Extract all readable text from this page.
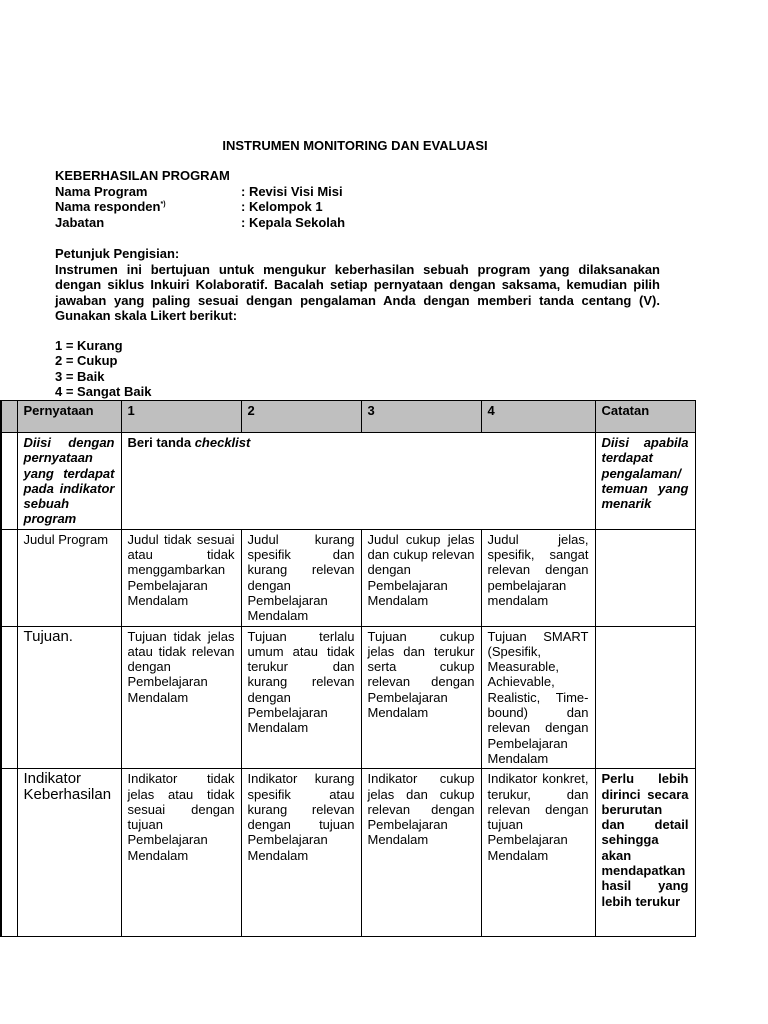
INSTRUMEN MONITORING DAN EVALUASI
KEBERHASILAN PROGRAM
Nama Program	: Revisi Visi Misi
Nama responden*)	: Kelompok 1
Jabatan	: Kepala Sekolah
Petunjuk Pengisian:
Instrumen ini bertujuan untuk mengukur keberhasilan sebuah program yang dilaksanakan dengan siklus Inkuiri Kolaboratif. Bacalah setiap pernyataan dengan saksama, kemudian pilih jawaban yang paling sesuai dengan pengalaman Anda dengan memberi tanda centang (V). Gunakan skala Likert berikut:
1 = Kurang
2 = Cukup
3 = Baik
4 = Sangat Baik
	Pernyataan	1	2	3	4	Catatan
	Diisi dengan pernyataan yang terdapat pada indikator sebuah program	Beri tanda checklist				Diisi apabila terdapat pengalaman/ temuan yang menarik
	Judul Program	Judul tidak sesuai atau tidak menggambarkan Pembelajaran Mendalam	Judul kurang spesifik dan kurang relevan dengan Pembelajaran Mendalam	Judul cukup jelas dan cukup relevan dengan Pembelajaran Mendalam	Judul jelas, spesifik, sangat relevan dengan pembelajaran mendalam	
	Tujuan.	Tujuan tidak jelas atau tidak relevan dengan Pembelajaran Mendalam	Tujuan terlalu umum atau tidak terukur dan kurang relevan dengan Pembelajaran Mendalam	Tujuan cukup jelas dan terukur serta cukup relevan dengan Pembelajaran Mendalam	Tujuan SMART (Spesifik, Measurable, Achievable, Realistic, Time-bound) dan relevan dengan Pembelajaran Mendalam	
	Indikator Keberhasilan	Indikator tidak jelas atau tidak sesuai dengan tujuan Pembelajaran Mendalam	Indikator kurang spesifik atau kurang relevan dengan tujuan Pembelajaran Mendalam	Indikator cukup jelas dan cukup relevan dengan Pembelajaran Mendalam	Indikator konkret, terukur, dan relevan dengan tujuan Pembelajaran Mendalam	Perlu lebih dirinci secara berurutan dan detail sehingga akan mendapatkan hasil yang lebih terukur
